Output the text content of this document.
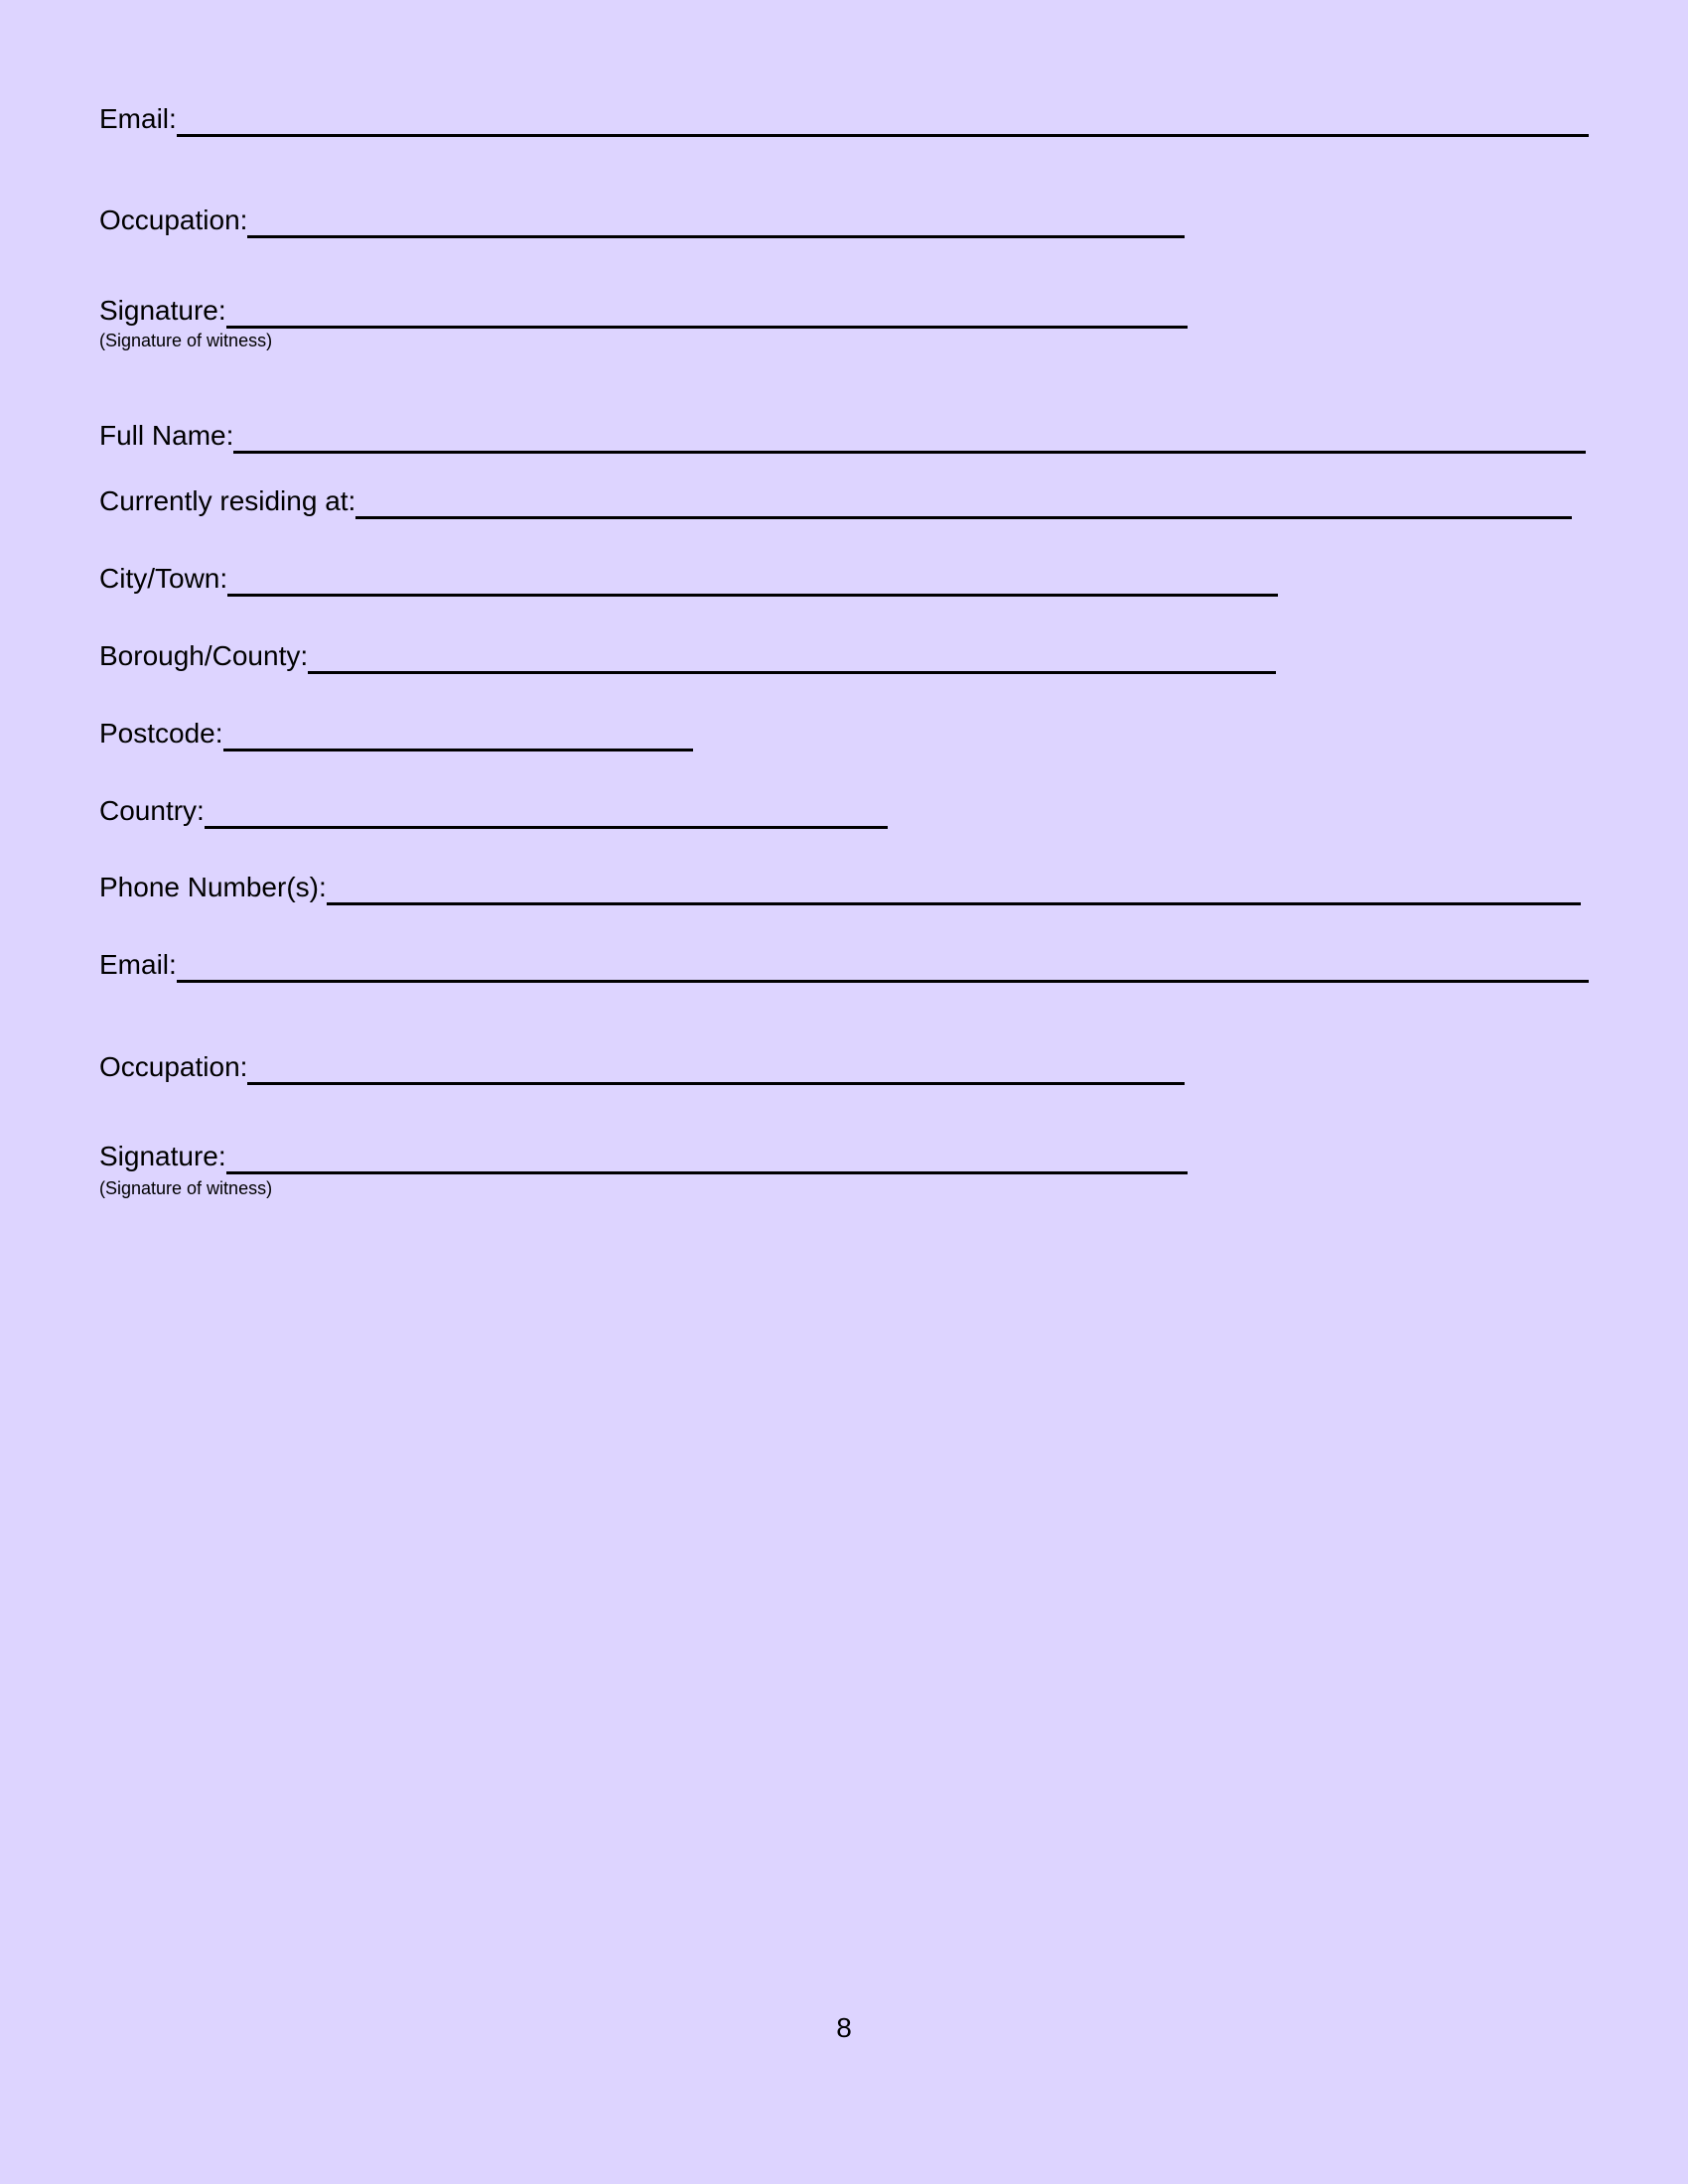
Email:
Occupation:
Signature:
(Signature of witness)
Full Name:
Currently residing at:
City/Town:
Borough/County:
Postcode:
Country:
Phone Number(s):
Email:
Occupation:
Signature:
(Signature of witness)
8
